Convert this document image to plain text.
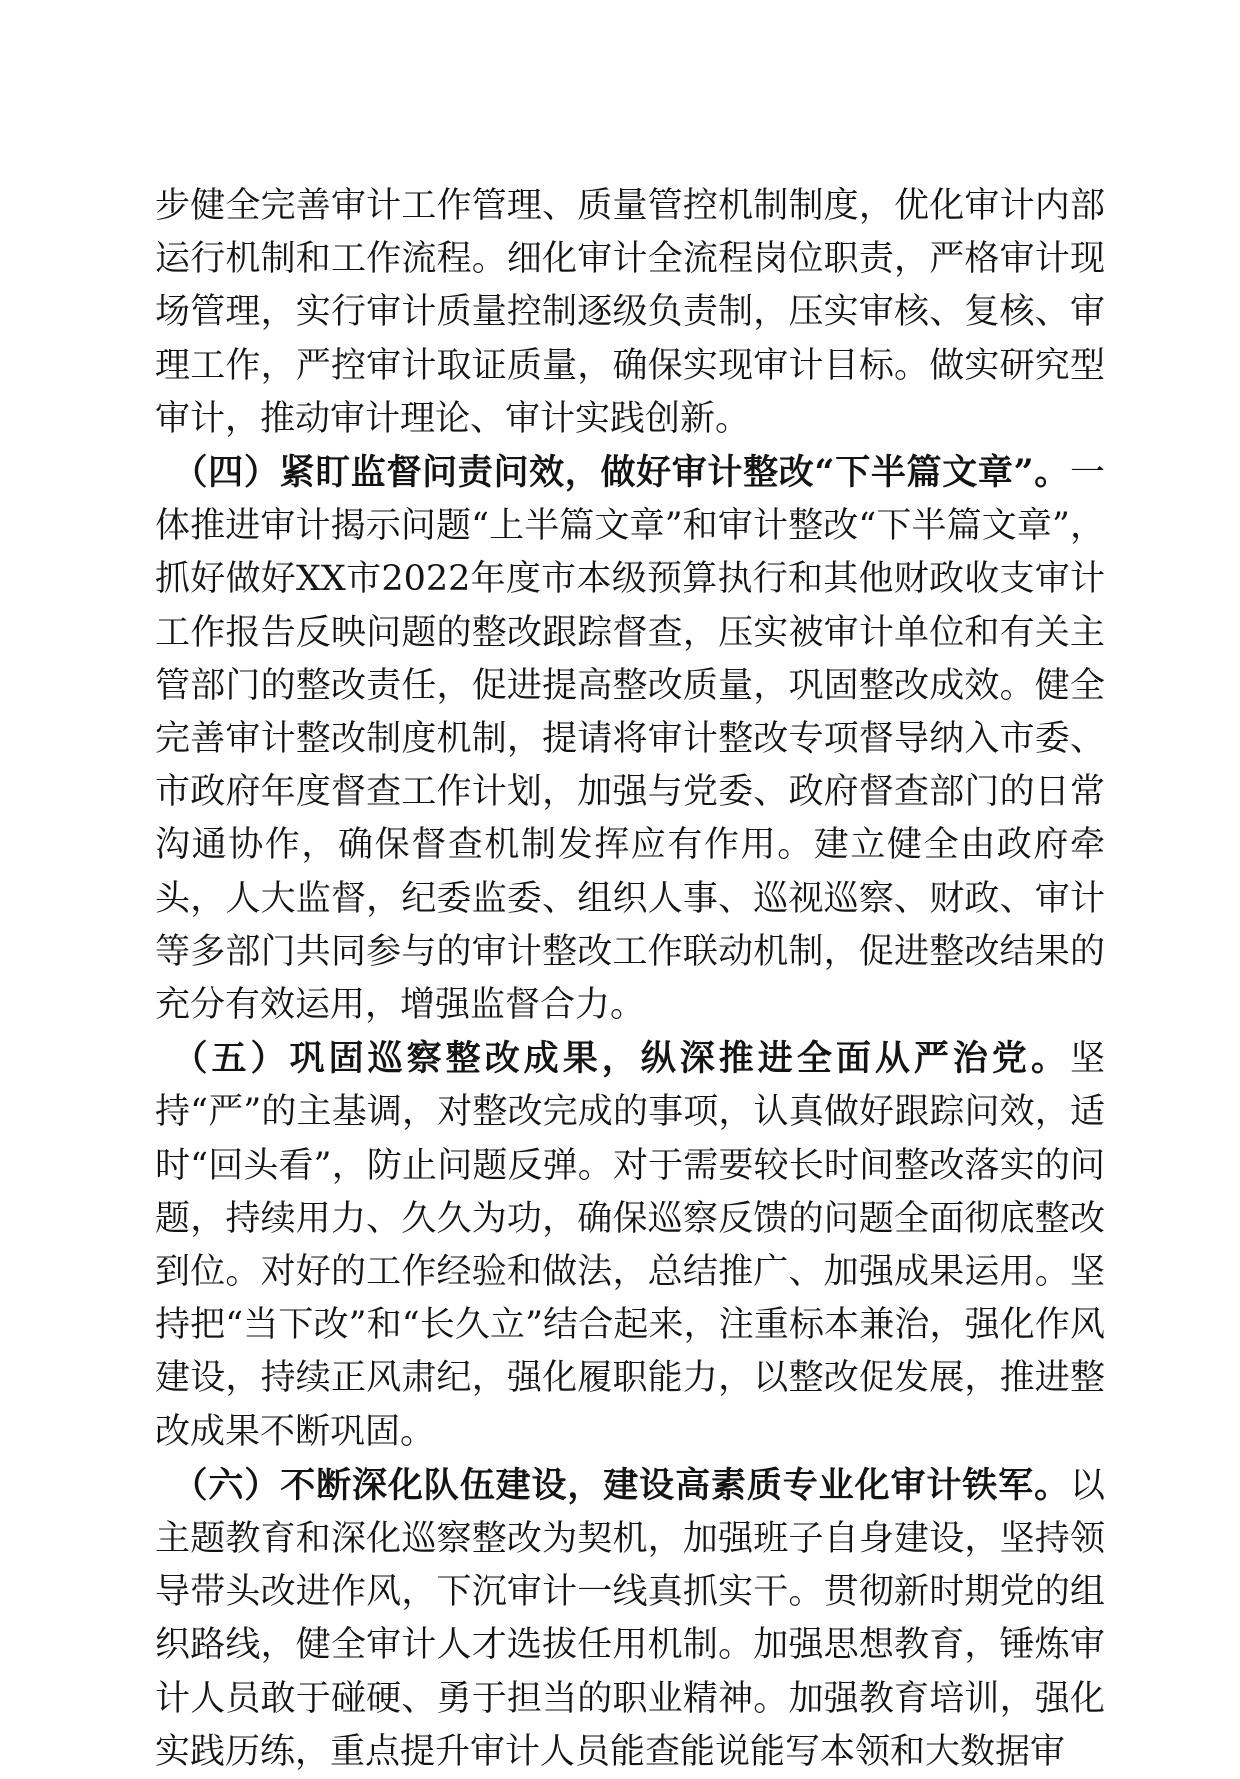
步健全完善审计工作管理、质量管控机制制度，优化审计内部运行机制和工作流程。细化审计全流程岗位职责，严格审计现场管理，实行审计质量控制逐级负责制，压实审核、复核、审理工作，严控审计取证质量，确保实现审计目标。做实研究型审计，推动审计理论、审计实践创新。

（四）紧盯监督问责问效，做好审计整改“下半篇文章”。一体推进审计揭示问题“上半篇文章”和审计整改“下半篇文章”，抓好做好XX市2022年度市本级预算执行和其他财政收支审计工作报告反映问题的整改跟踪督查，压实被审计单位和有关主管部门的整改责任，促进提高整改质量，巩固整改成效。健全完善审计整改制度机制，提请将审计整改专项督导纳入市委、市政府年度督查工作计划，加强与党委、政府督查部门的日常沟通协作，确保督查机制发挥应有作用。建立健全由政府牵头，人大监督，纪委监委、组织人事、巡视巡察、财政、审计等多部门共同参与的审计整改工作联动机制，促进整改结果的充分有效运用，增强监督合力。

（五）巩固巡察整改成果，纵深推进全面从严治党。坚持“严”的主基调，对整改完成的事项，认真做好跟踪问效，适时“回头看”，防止问题反弹。对于需要较长时间整改落实的问题，持续用力、久久为功，确保巡察反馈的问题全面彻底整改到位。对好的工作经验和做法，总结推广、加强成果运用。坚持把“当下改”和“长久立”结合起来，注重标本兼治，强化作风建设，持续正风肃纪，强化履职能力，以整改促发展，推进整改成果不断巩固。

（六）不断深化队伍建设，建设高素质专业化审计铁军。以主题教育和深化巡察整改为契机，加强班子自身建设，坚持领导带头改进作风，下沉审计一线真抓实干。贯彻新时期党的组织路线，健全审计人才选拔任用机制。加强思想教育，锤炼审计人员敢于碰硬、勇于担当的职业精神。加强教育培训，强化实践历练，重点提升审计人员能查能说能写本领和大数据审
